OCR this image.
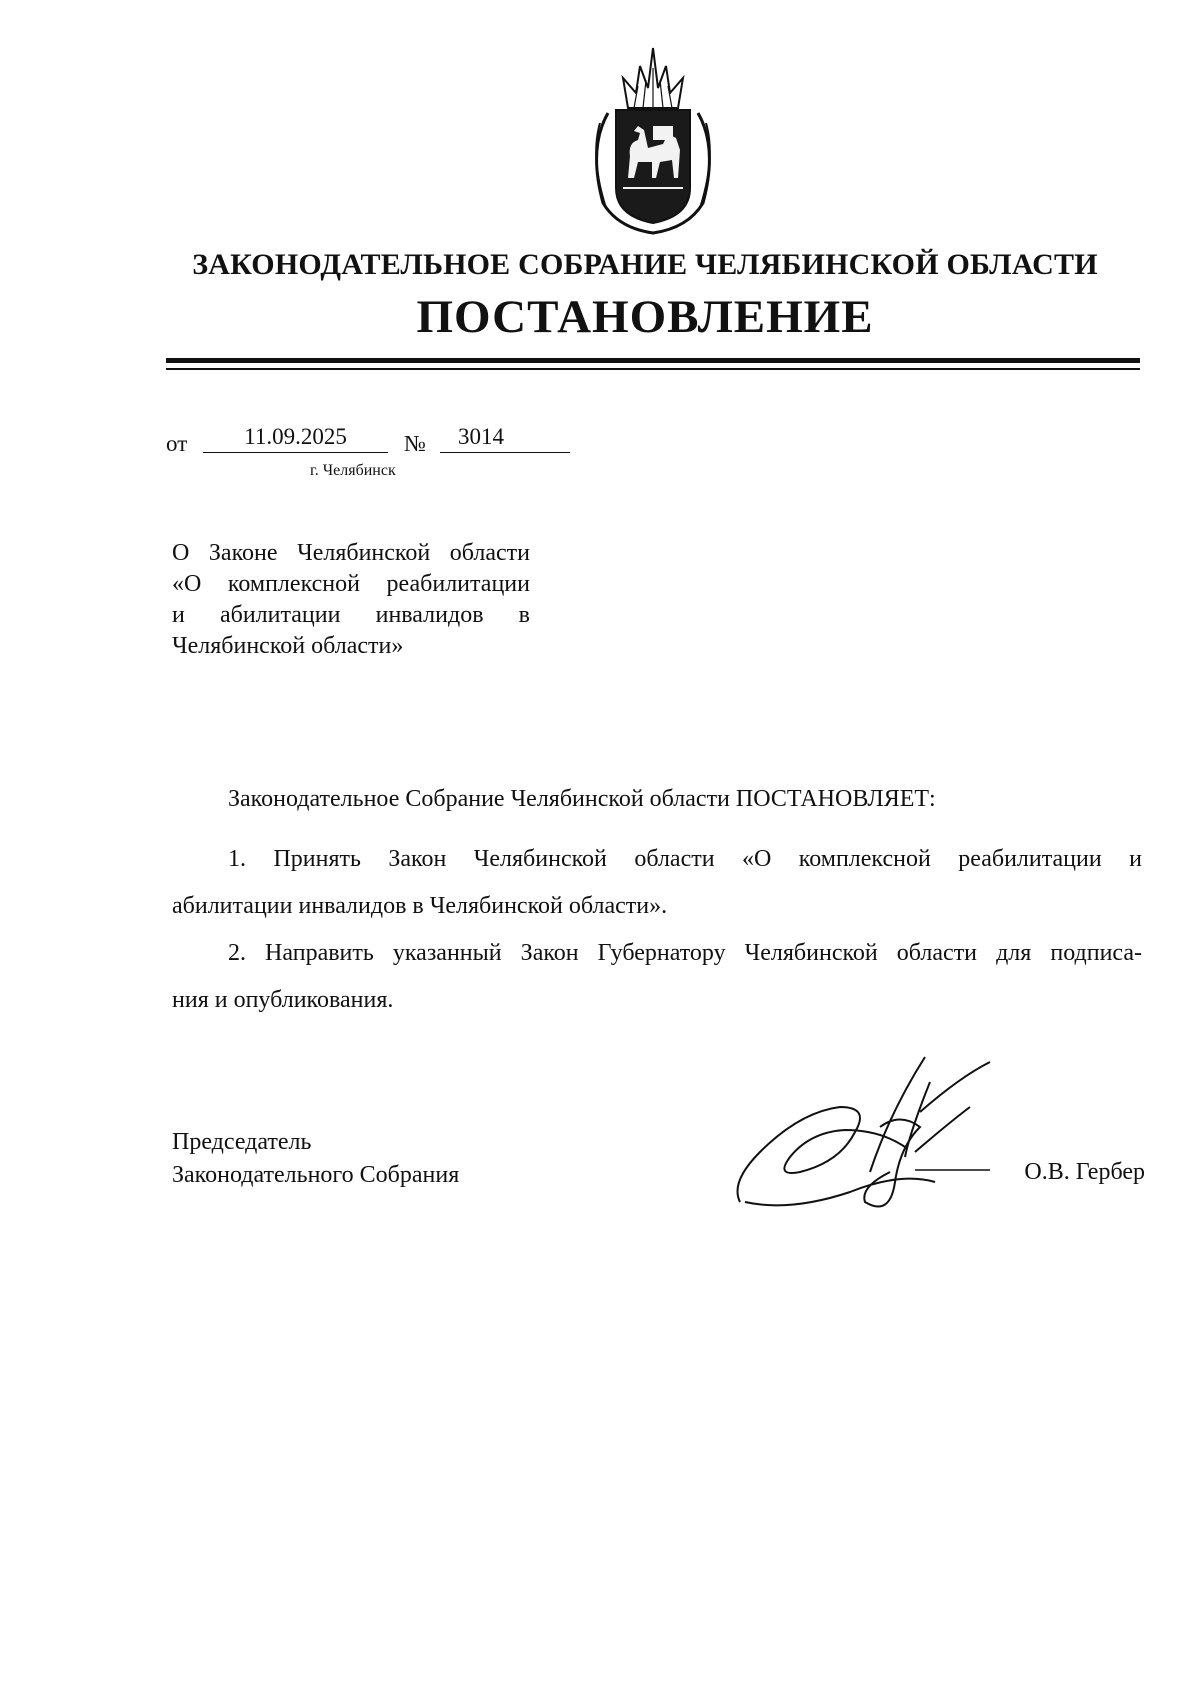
ЗАКОНОДАТЕЛЬНОЕ СОБРАНИЕ ЧЕЛЯБИНСКОЙ ОБЛАСТИ
ПОСТАНОВЛЕНИЕ
от	11.09.2025	№	3014
г. Челябинск
О Законе Челябинской области
«О комплексной реабилитации
и абилитации инвалидов в
Челябинской области»
Законодательное Собрание Челябинской области ПОСТАНОВЛЯЕТ:
1. Принять Закон Челябинской области «О комплексной реабилитации и
абилитации инвалидов в Челябинской области».
2. Направить указанный Закон Губернатору Челябинской области для подписа-
ния и опубликования.
Председатель
Законодательного Собрания	О.В. Гербер
